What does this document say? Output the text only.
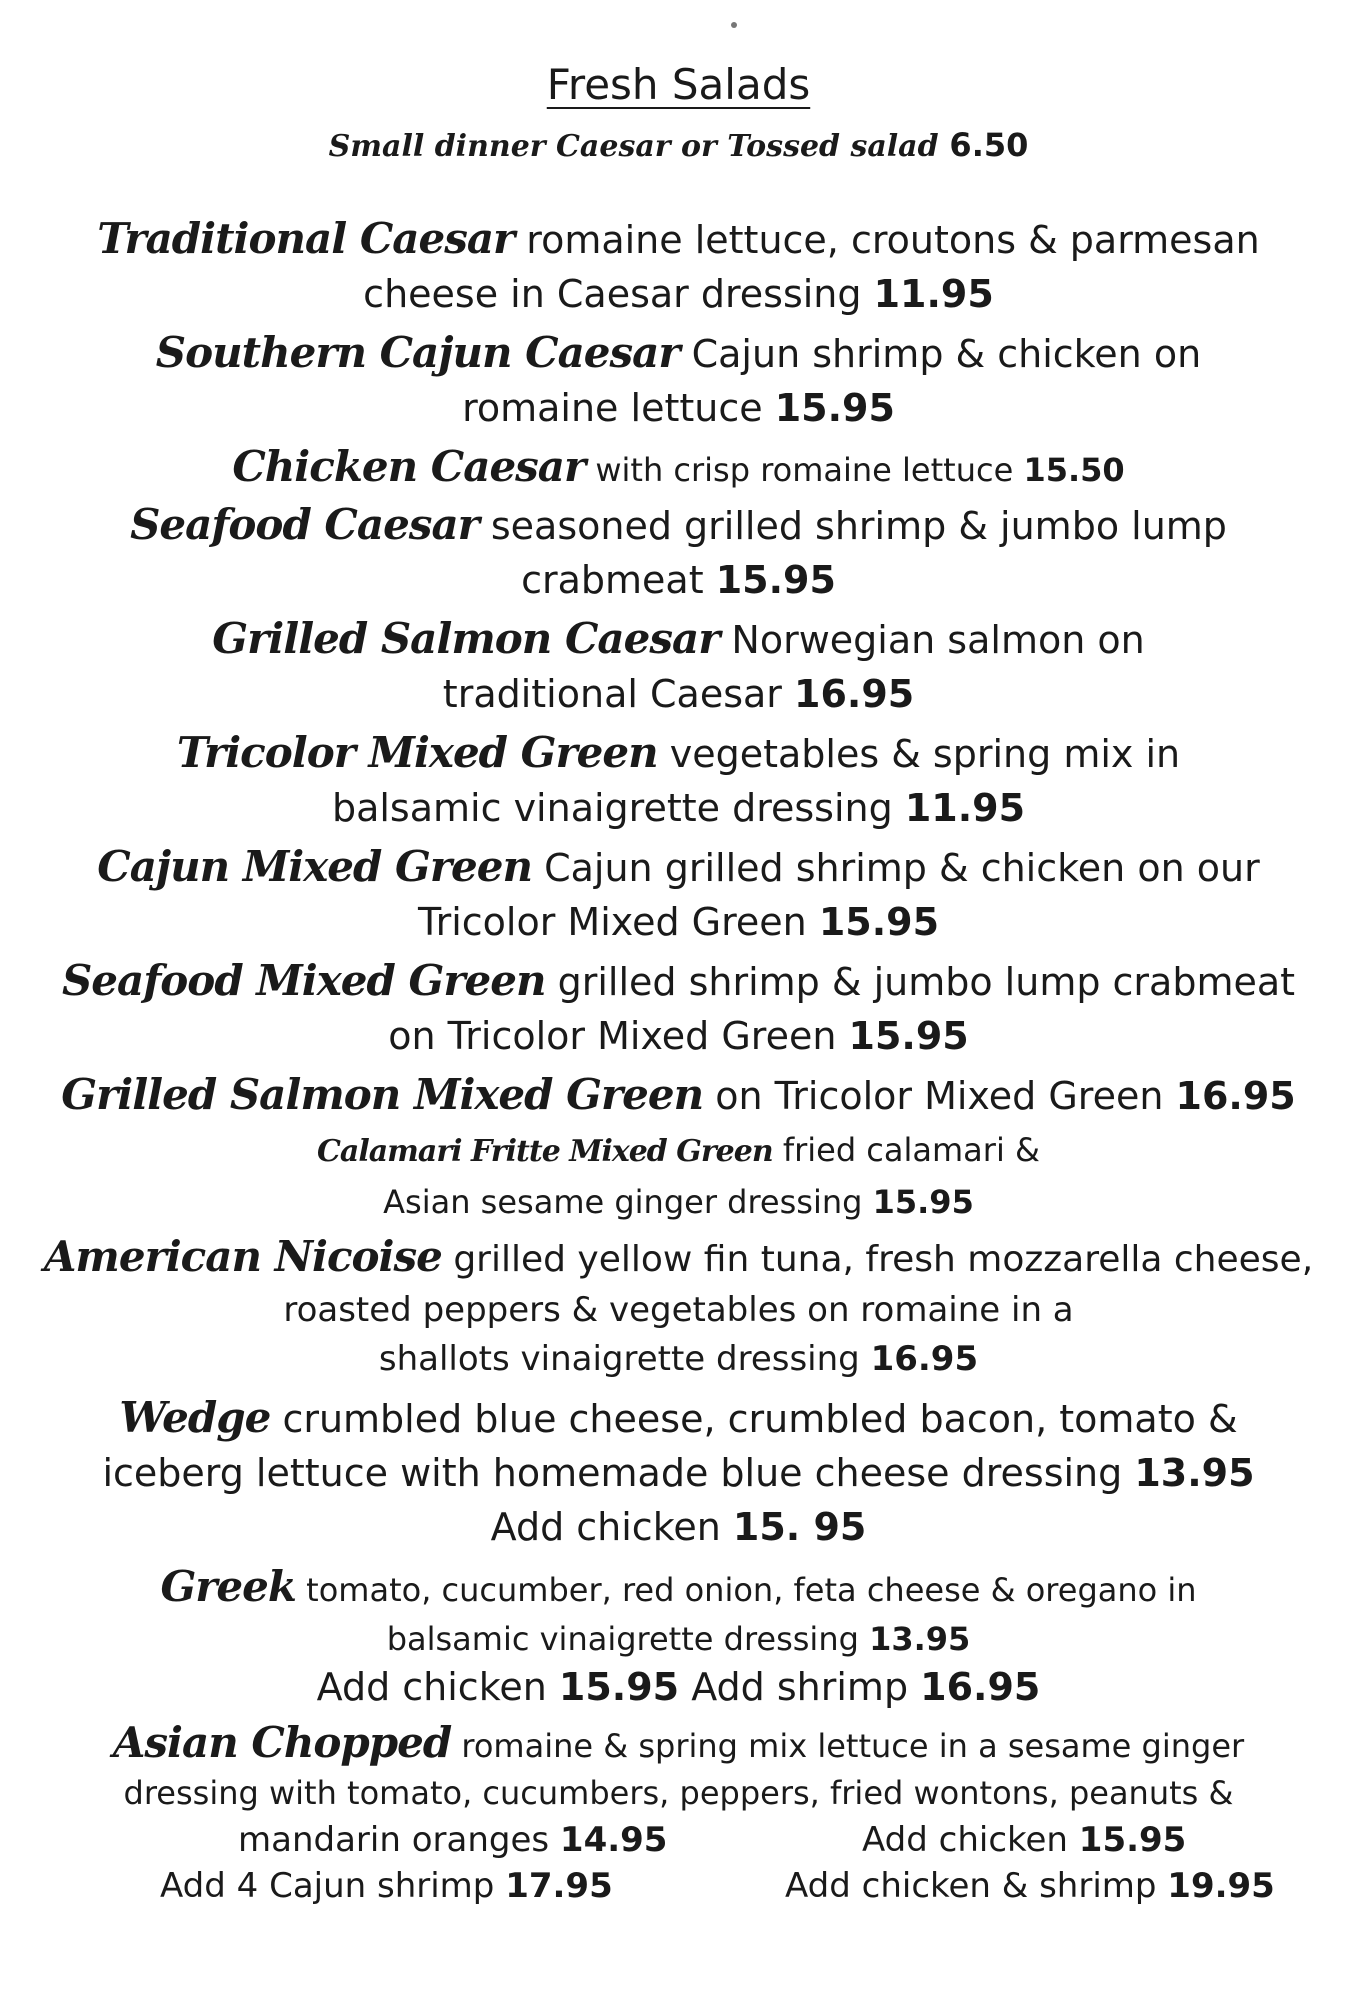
Fresh Salads
Small dinner Caesar or Tossed salad 6.50
Traditional Caesar romaine lettuce, croutons & parmesan
cheese in Caesar dressing 11.95
Southern Cajun Caesar Cajun shrimp & chicken on
romaine lettuce 15.95
Chicken Caesar with crisp romaine lettuce 15.50
Seafood Caesar seasoned grilled shrimp & jumbo lump
crabmeat 15.95
Grilled Salmon Caesar Norwegian salmon on
traditional Caesar 16.95
Tricolor Mixed Green vegetables & spring mix in
balsamic vinaigrette dressing 11.95
Cajun Mixed Green Cajun grilled shrimp & chicken on our
Tricolor Mixed Green 15.95
Seafood Mixed Green grilled shrimp & jumbo lump crabmeat
on Tricolor Mixed Green 15.95
Grilled Salmon Mixed Green on Tricolor Mixed Green 16.95
Calamari Fritte Mixed Green fried calamari &
Asian sesame ginger dressing 15.95
American Nicoise grilled yellow fin tuna, fresh mozzarella cheese,
roasted peppers & vegetables on romaine in a
shallots vinaigrette dressing 16.95
Wedge crumbled blue cheese, crumbled bacon, tomato &
iceberg lettuce with homemade blue cheese dressing 13.95
Add chicken 15. 95
Greek tomato, cucumber, red onion, feta cheese & oregano in
balsamic vinaigrette dressing 13.95
Add chicken 15.95 Add shrimp 16.95
Asian Chopped romaine & spring mix lettuce in a sesame ginger
dressing with tomato, cucumbers, peppers, fried wontons, peanuts &
mandarin oranges 14.95	Add chicken 15.95
Add 4 Cajun shrimp 17.95	Add chicken & shrimp 19.95
